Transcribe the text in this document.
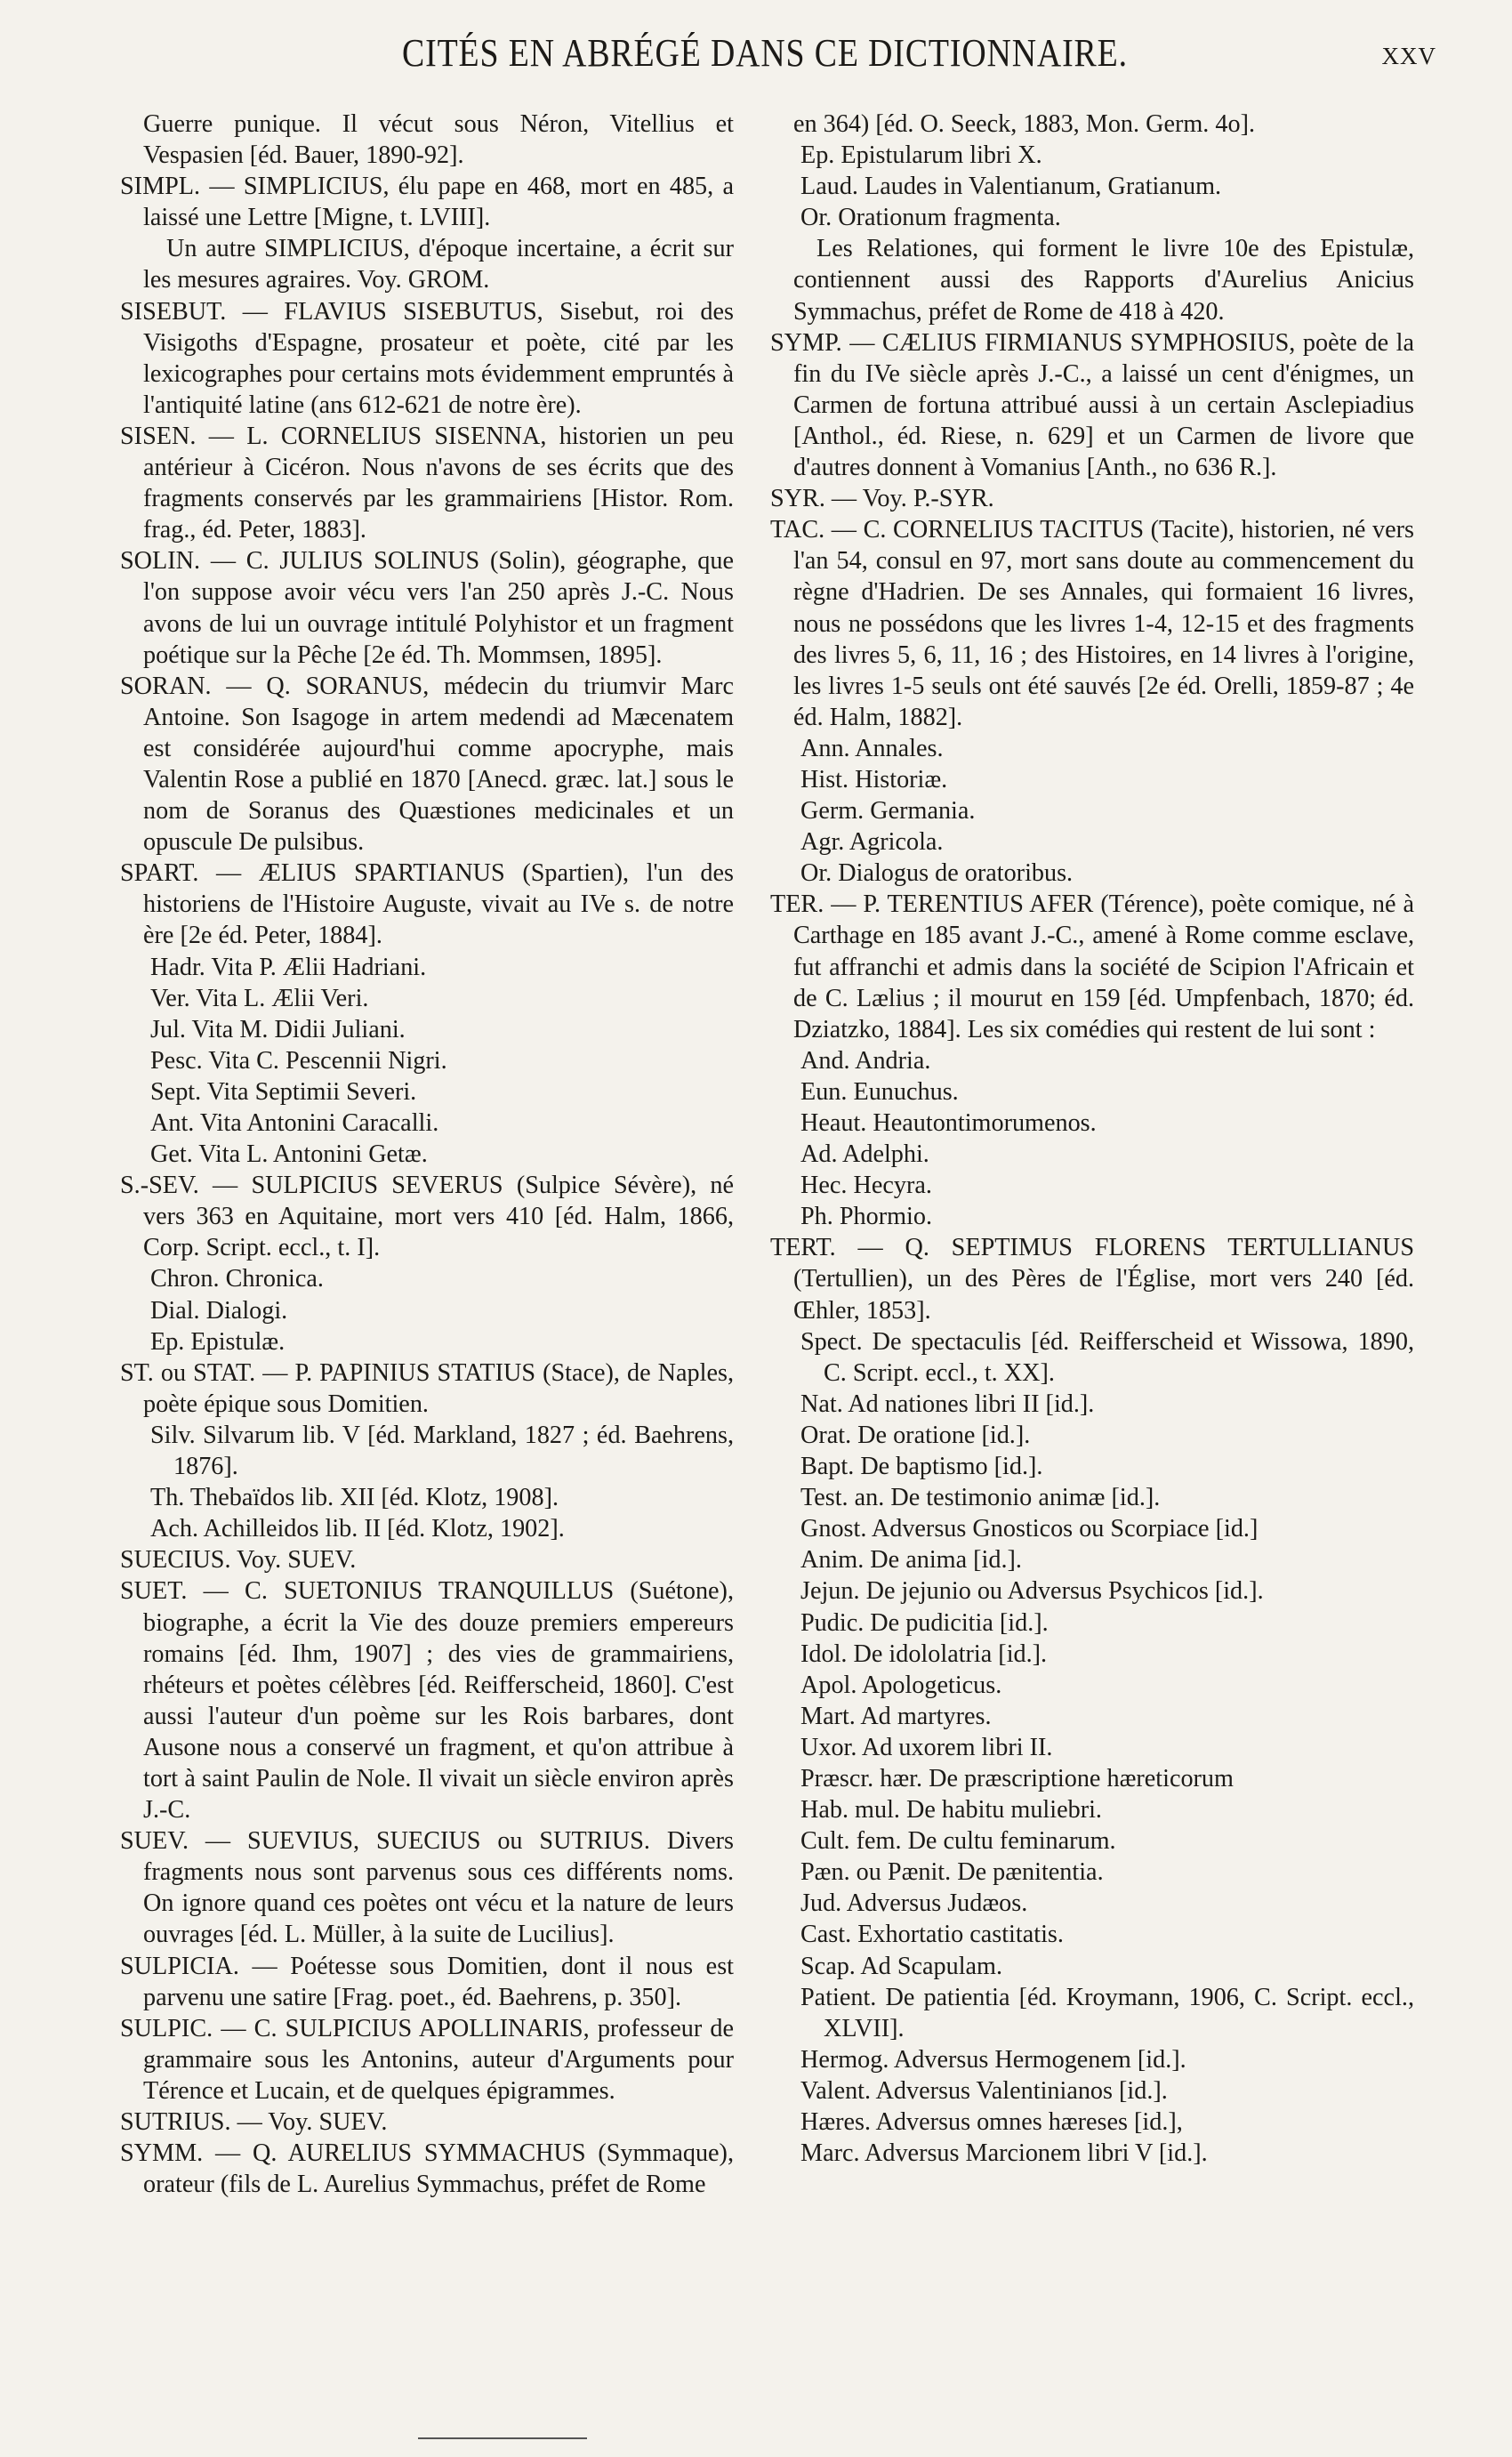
CITÉS EN ABRÉGÉ DANS CE DICTIONNAIRE.	XXV

Guerre punique. Il vécut sous Néron, Vitellius et Vespasien [éd. Bauer, 1890-92].

SIMPL. — SIMPLICIUS, élu pape en 468, mort en 485, a laissé une Lettre [Migne, t. LVIII].

Un autre SIMPLICIUS, d'époque incertaine, a écrit sur les mesures agraires. Voy. GROM.

SISEBUT. — FLAVIUS SISEBUTUS, Sisebut, roi des Visigoths d'Espagne, prosateur et poète, cité par les lexicographes pour certains mots évidemment empruntés à l'antiquité latine (ans 612-621 de notre ère).

SISEN. — L. CORNELIUS SISENNA, historien un peu antérieur à Cicéron. Nous n'avons de ses écrits que des fragments conservés par les grammairiens [Histor. Rom. frag., éd. Peter, 1883].

SOLIN. — C. JULIUS SOLINUS (Solin), géographe, que l'on suppose avoir vécu vers l'an 250 après J.-C. Nous avons de lui un ouvrage intitulé Polyhistor et un fragment poétique sur la Pêche [2e éd. Th. Mommsen, 1895].

SORAN. — Q. SORANUS, médecin du triumvir Marc Antoine. Son Isagoge in artem medendi ad Mæcenatem est considérée aujourd'hui comme apocryphe, mais Valentin Rose a publié en 1870 [Anecd. græc. lat.] sous le nom de Soranus des Quæstiones medicinales et un opuscule De pulsibus.

SPART. — ÆLIUS SPARTIANUS (Spartien), l'un des historiens de l'Histoire Auguste, vivait au IVe s. de notre ère [2e éd. Peter, 1884].

Hadr. Vita P. Ælii Hadriani.

Ver. Vita L. Ælii Veri.

Jul. Vita M. Didii Juliani.

Pesc. Vita C. Pescennii Nigri.

Sept. Vita Septimii Severi.

Ant. Vita Antonini Caracalli.

Get. Vita L. Antonini Getæ.

S.-SEV. — SULPICIUS SEVERUS (Sulpice Sévère), né vers 363 en Aquitaine, mort vers 410 [éd. Halm, 1866, Corp. Script. eccl., t. I].

Chron. Chronica.

Dial. Dialogi.

Ep. Epistulæ.

ST. ou STAT. — P. PAPINIUS STATIUS (Stace), de Naples, poète épique sous Domitien.

Silv. Silvarum lib. V [éd. Markland, 1827 ; éd. Baehrens, 1876].

Th. Thebaïdos lib. XII [éd. Klotz, 1908].

Ach. Achilleidos lib. II [éd. Klotz, 1902].

SUECIUS. Voy. SUEV.

SUET. — C. SUETONIUS TRANQUILLUS (Suétone), biographe, a écrit la Vie des douze premiers empereurs romains [éd. Ihm, 1907] ; des vies de grammairiens, rhéteurs et poètes célèbres [éd. Reifferscheid, 1860]. C'est aussi l'auteur d'un poème sur les Rois barbares, dont Ausone nous a conservé un fragment, et qu'on attribue à tort à saint Paulin de Nole. Il vivait un siècle environ après J.-C.

SUEV. — SUEVIUS, SUECIUS ou SUTRIUS. Divers fragments nous sont parvenus sous ces différents noms. On ignore quand ces poètes ont vécu et la nature de leurs ouvrages [éd. L. Müller, à la suite de Lucilius].

SULPICIA. — Poétesse sous Domitien, dont il nous est parvenu une satire [Frag. poet., éd. Baehrens, p. 350].

SULPIC. — C. SULPICIUS APOLLINARIS, professeur de grammaire sous les Antonins, auteur d'Arguments pour Térence et Lucain, et de quelques épigrammes.

SUTRIUS. — Voy. SUEV.

SYMM. — Q. AURELIUS SYMMACHUS (Symmaque), orateur (fils de L. Aurelius Symmachus, préfet de Rome

en 364) [éd. O. Seeck, 1883, Mon. Germ. 4o].

Ep. Epistularum libri X.

Laud. Laudes in Valentianum, Gratianum.

Or. Orationum fragmenta.

Les Relationes, qui forment le livre 10e des Epistulæ, contiennent aussi des Rapports d'Aurelius Anicius Symmachus, préfet de Rome de 418 à 420.

SYMP. — CÆLIUS FIRMIANUS SYMPHOSIUS, poète de la fin du IVe siècle après J.-C., a laissé un cent d'énigmes, un Carmen de fortuna attribué aussi à un certain Asclepiadius [Anthol., éd. Riese, n. 629] et un Carmen de livore que d'autres donnent à Vomanius [Anth., no 636 R.].

SYR. — Voy. P.-SYR.

TAC. — C. CORNELIUS TACITUS (Tacite), historien, né vers l'an 54, consul en 97, mort sans doute au commencement du règne d'Hadrien. De ses Annales, qui formaient 16 livres, nous ne possédons que les livres 1-4, 12-15 et des fragments des livres 5, 6, 11, 16 ; des Histoires, en 14 livres à l'origine, les livres 1-5 seuls ont été sauvés [2e éd. Orelli, 1859-87 ; 4e éd. Halm, 1882].

Ann. Annales.

Hist. Historiæ.

Germ. Germania.

Agr. Agricola.

Or. Dialogus de oratoribus.

TER. — P. TERENTIUS AFER (Térence), poète comique, né à Carthage en 185 avant J.-C., amené à Rome comme esclave, fut affranchi et admis dans la société de Scipion l'Africain et de C. Lælius ; il mourut en 159 [éd. Umpfenbach, 1870; éd. Dziatzko, 1884]. Les six comédies qui restent de lui sont :

And. Andria.

Eun. Eunuchus.

Heaut. Heautontimorumenos.

Ad. Adelphi.

Hec. Hecyra.

Ph. Phormio.

TERT. — Q. SEPTIMUS FLORENS TERTULLIANUS (Tertullien), un des Pères de l'Église, mort vers 240 [éd. Œhler, 1853].

Spect. De spectaculis [éd. Reifferscheid et Wissowa, 1890, C. Script. eccl., t. XX].

Nat. Ad nationes libri II [id.].

Orat. De oratione [id.].

Bapt. De baptismo [id.].

Test. an. De testimonio animæ [id.].

Gnost. Adversus Gnosticos ou Scorpiace [id.]

Anim. De anima [id.].

Jejun. De jejunio ou Adversus Psychicos [id.].

Pudic. De pudicitia [id.].

Idol. De idololatria [id.].

Apol. Apologeticus.

Mart. Ad martyres.

Uxor. Ad uxorem libri II.

Præscr. hær. De præscriptione hæreticorum

Hab. mul. De habitu muliebri.

Cult. fem. De cultu feminarum.

Pæn. ou Pænit. De pænitentia.

Jud. Adversus Judæos.

Cast. Exhortatio castitatis.

Scap. Ad Scapulam.

Patient. De patientia [éd. Kroymann, 1906, C. Script. eccl., XLVII].

Hermog. Adversus Hermogenem [id.].

Valent. Adversus Valentinianos [id.].

Hæres. Adversus omnes hæreses [id.],

Marc. Adversus Marcionem libri V [id.].
